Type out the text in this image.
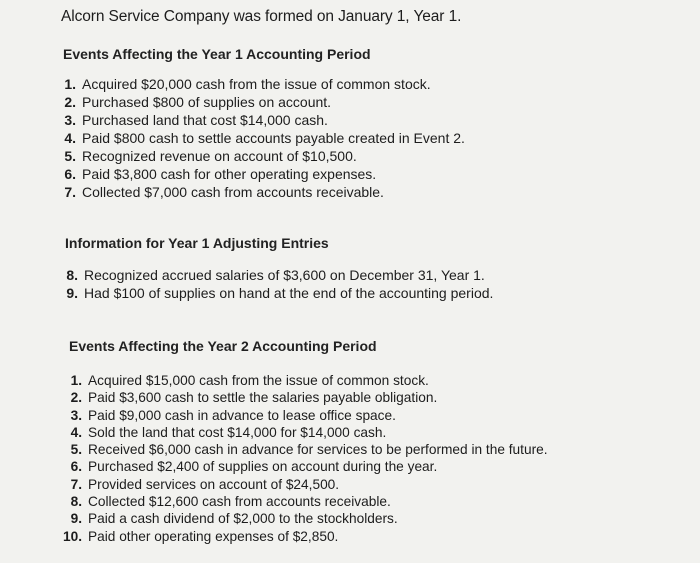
Alcorn Service Company was formed on January 1, Year 1.
Events Affecting the Year 1 Accounting Period
1. Acquired $20,000 cash from the issue of common stock.
2. Purchased $800 of supplies on account.
3. Purchased land that cost $14,000 cash.
4. Paid $800 cash to settle accounts payable created in Event 2.
5. Recognized revenue on account of $10,500.
6. Paid $3,800 cash for other operating expenses.
7. Collected $7,000 cash from accounts receivable.
Information for Year 1 Adjusting Entries
8. Recognized accrued salaries of $3,600 on December 31, Year 1.
9. Had $100 of supplies on hand at the end of the accounting period.
Events Affecting the Year 2 Accounting Period
1. Acquired $15,000 cash from the issue of common stock.
2. Paid $3,600 cash to settle the salaries payable obligation.
3. Paid $9,000 cash in advance to lease office space.
4. Sold the land that cost $14,000 for $14,000 cash.
5. Received $6,000 cash in advance for services to be performed in the future.
6. Purchased $2,400 of supplies on account during the year.
7. Provided services on account of $24,500.
8. Collected $12,600 cash from accounts receivable.
9. Paid a cash dividend of $2,000 to the stockholders.
10. Paid other operating expenses of $2,850.
